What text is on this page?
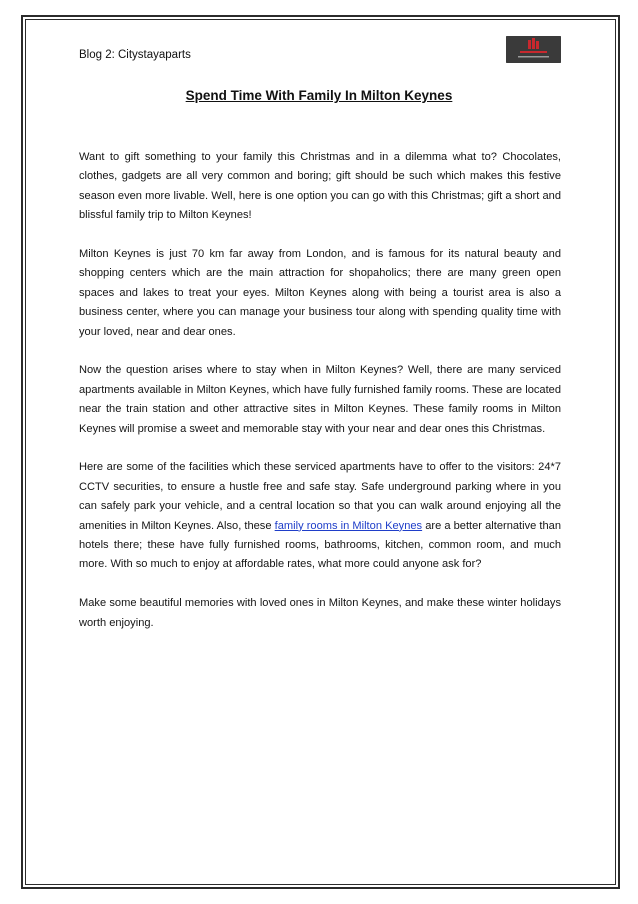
Blog 2: Citystayaparts
Spend Time With Family In Milton Keynes

Want to gift something to your family this Christmas and in a dilemma what to? Chocolates, clothes, gadgets are all very common and boring; gift should be such which makes this festive season even more livable. Well, here is one option you can go with this Christmas; gift a short and blissful family trip to Milton Keynes!

Milton Keynes is just 70 km far away from London, and is famous for its natural beauty and shopping centers which are the main attraction for shopaholics; there are many green open spaces and lakes to treat your eyes. Milton Keynes along with being a tourist area is also a business center, where you can manage your business tour along with spending quality time with your loved, near and dear ones.

Now the question arises where to stay when in Milton Keynes? Well, there are many serviced apartments available in Milton Keynes, which have fully furnished family rooms. These are located near the train station and other attractive sites in Milton Keynes. These family rooms in Milton Keynes will promise a sweet and memorable stay with your near and dear ones this Christmas.

Here are some of the facilities which these serviced apartments have to offer to the visitors: 24*7 CCTV securities, to ensure a hustle free and safe stay. Safe underground parking where in you can safely park your vehicle, and a central location so that you can walk around enjoying all the amenities in Milton Keynes. Also, these family rooms in Milton Keynes are a better alternative than hotels there; these have fully furnished rooms, bathrooms, kitchen, common room, and much more. With so much to enjoy at affordable rates, what more could anyone ask for?

Make some beautiful memories with loved ones in Milton Keynes, and make these winter holidays worth enjoying.
